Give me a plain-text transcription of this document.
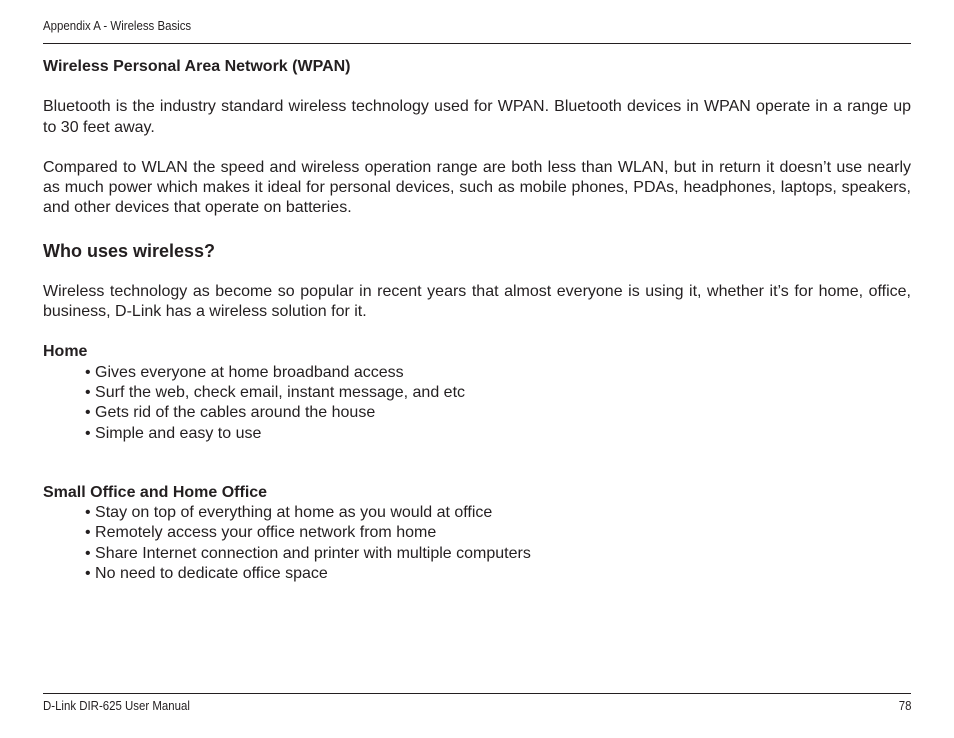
Appendix A - Wireless Basics
Wireless Personal Area Network (WPAN)

Bluetooth is the industry standard wireless technology used for WPAN. Bluetooth devices in WPAN operate in a range up to 30 feet away.

Compared to WLAN the speed and wireless operation range are both less than WLAN, but in return it doesn’t use nearly as much power which makes it ideal for personal devices, such as mobile phones, PDAs, headphones, laptops, speakers, and other devices that operate on batteries.

Who uses wireless?

Wireless technology as become so popular in recent years that almost everyone is using it, whether it’s for home, office, business, D-Link has a wireless solution for it.

Home
• Gives everyone at home broadband access
• Surf the web, check email, instant message, and etc
• Gets rid of the cables around the house
• Simple and easy to use
Small Office and Home Office
• Stay on top of everything at home as you would at office
• Remotely access your office network from home
• Share Internet connection and printer with multiple computers
• No need to dedicate office space
D-Link DIR-625 User Manual	78
